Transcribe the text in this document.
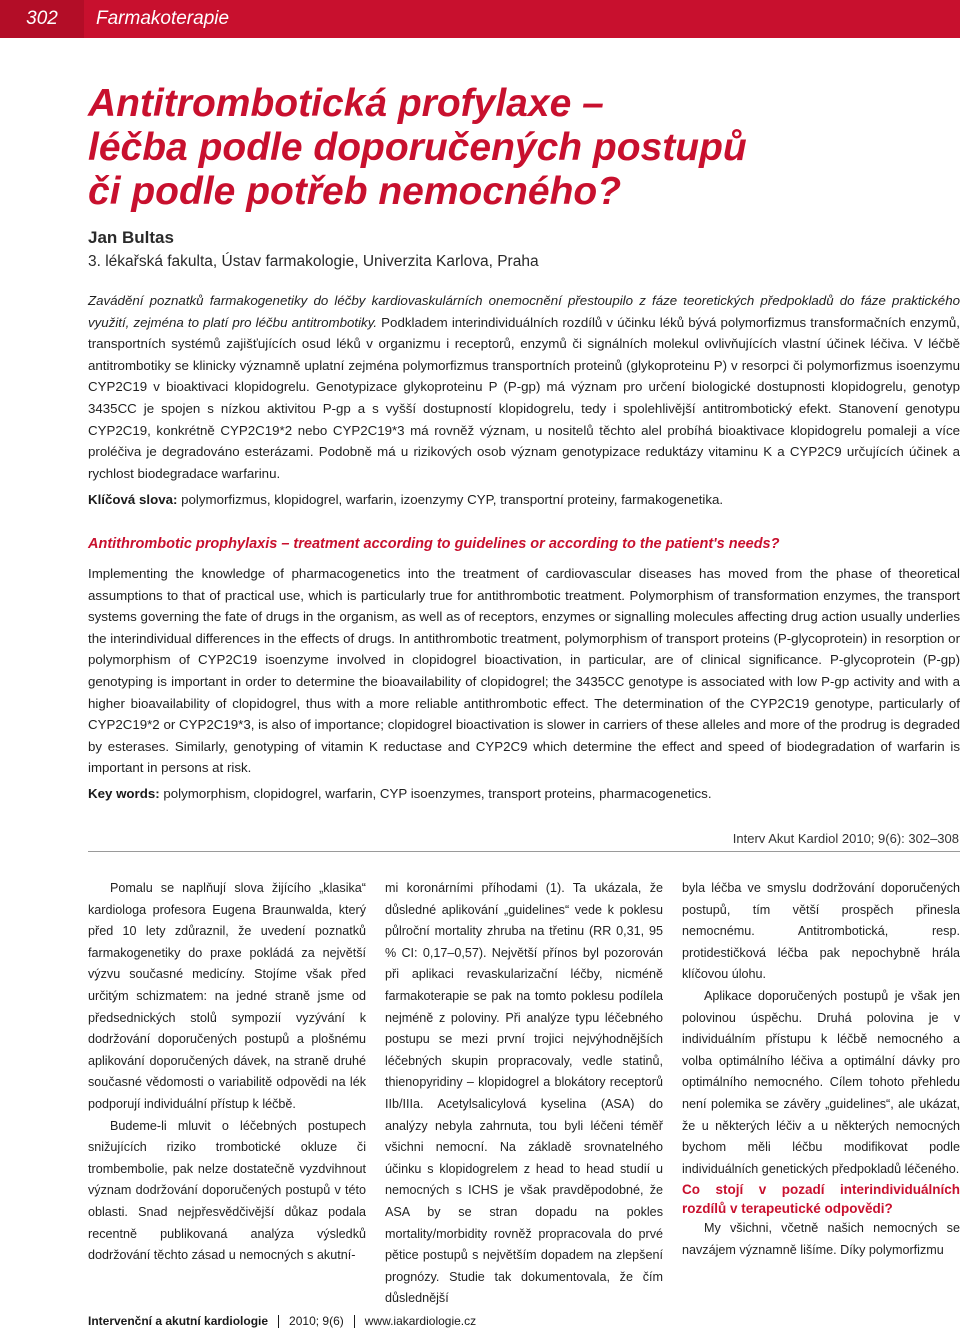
302	Farmakoterapie
Antitrombotická profylaxe –
léčba podle doporučených postupů
či podle potřeb nemocného?
Jan Bultas
3. lékařská fakulta, Ústav farmakologie, Univerzita Karlova, Praha

Zavádění poznatků farmakogenetiky do léčby kardiovaskulárních onemocnění přestoupilo z fáze teoretických předpokladů do fáze praktického využití, zejména to platí pro léčbu antitrombotiky. Podkladem interindividuálních rozdílů v účinku léků bývá polymorfizmus transformačních enzymů, transportních systémů zajišťujících osud léků v organizmu i receptorů, enzymů či signálních molekul ovlivňujících vlastní účinek léčiva. V léčbě antitrombotiky se klinicky významně uplatní zejména polymorfizmus transportních proteinů (glykoproteinu P) v resorpci či polymorfizmus isoenzymu CYP2C19 v bioaktivaci klopidogrelu. Genotypizace glykoproteinu P (P-gp) má význam pro určení biologické dostupnosti klopidogrelu, genotyp 3435CC je spojen s nízkou aktivitou P-gp a s vyšší dostupností klopidogrelu, tedy i spolehlivější antitrombotický efekt. Stanovení genotypu CYP2C19, konkrétně CYP2C19*2 nebo CYP2C19*3 má rovněž význam, u nositelů těchto alel probíhá bioaktivace klopidogrelu pomaleji a více proléčiva je degradováno esterázami. Podobně má u rizikových osob význam genotypizace reduktázy vitaminu K a CYP2C9 určujících účinek a rychlost biodegradace warfarinu.

Klíčová slova: polymorfizmus, klopidogrel, warfarin, izoenzymy CYP, transportní proteiny, farmakogenetika.
Antithrombotic prophylaxis – treatment according to guidelines or according to the patient's needs?

Implementing the knowledge of pharmacogenetics into the treatment of cardiovascular diseases has moved from the phase of theoretical assumptions to that of practical use, which is particularly true for antithrombotic treatment. Polymorphism of transformation enzymes, the transport systems governing the fate of drugs in the organism, as well as of receptors, enzymes or signalling molecules affecting drug action usually underlies the interindividual differences in the effects of drugs. In antithrombotic treatment, polymorphism of transport proteins (P-glycoprotein) in resorption or polymorphism of CYP2C19 isoenzyme involved in clopidogrel bioactivation, in particular, are of clinical significance. P-glycoprotein (P-gp) genotyping is important in order to determine the bioavailability of clopidogrel; the 3435CC genotype is associated with low P-gp activity and with a higher bioavailability of clopidogrel, thus with a more reliable antithrombotic effect. The determination of the CYP2C19 genotype, particularly of CYP2C19*2 or CYP2C19*3, is also of importance; clopidogrel bioactivation is slower in carriers of these alleles and more of the prodrug is degraded by esterases. Similarly, genotyping of vitamin K reductase and CYP2C9 which determine the effect and speed of biodegradation of warfarin is important in persons at risk.

Key words: polymorphism, clopidogrel, warfarin, CYP isoenzymes, transport proteins, pharmacogenetics.
Interv Akut Kardiol 2010; 9(6): 302–308

Pomalu se naplňují slova žijícího „klasika“ kardiologa profesora Eugena Braunwalda, který před 10 lety zdůraznil, že uvedení poznatků farmakogenetiky do praxe pokládá za největší výzvu současné medicíny. Stojíme však před určitým schizmatem: na jedné straně jsme od předsednických stolů sympozií vyzývání k dodržování doporučených postupů a plošnému aplikování doporučených dávek, na straně druhé současné vědomosti o variabilitě odpovědi na lék podporují individuální přístup k léčbě.

Budeme-li mluvit o léčebných postupech snižujících riziko trombotické okluze či trombembolie, pak nelze dostatečně vyzdvihnout význam dodržování doporučených postupů v této oblasti. Snad nejpřesvědčivější důkaz podala recentně publikovaná analýza výsledků dodržování těchto zásad u nemocných s akutní-

mi koronárními příhodami (1). Ta ukázala, že důsledné aplikování „guidelines“ vede k poklesu půlroční mortality zhruba na třetinu (RR 0,31, 95 % CI: 0,17–0,57). Největší přínos byl pozorován při aplikaci revaskularizační léčby, nicméně farmakoterapie se pak na tomto poklesu podílela nejméně z poloviny. Při analýze typu léčebného postupu se mezi první trojici nejvýhodnějších léčebných skupin propracovaly, vedle statinů, thienopyridiny – klopidogrel a blokátory receptorů IIb/IIIa. Acetylsalicylová kyselina (ASA) do analýzy nebyla zahrnuta, tou byli léčeni téměř všichni nemocní. Na základě srovnatelného účinku s klopidogrelem z head to head studií u nemocných s ICHS je však pravděpodobné, že ASA by se stran dopadu na pokles mortality/morbidity rovněž propracovala do prvé pětice postupů s největším dopadem na zlepšení prognózy. Studie tak dokumentovala, že čím důslednější

byla léčba ve smyslu dodržování doporučených postupů, tím větší prospěch přinesla nemocnému. Antitrombotická, resp. protidestičková léčba pak nepochybně hrála klíčovou úlohu.

Aplikace doporučených postupů je však jen polovinou úspěchu. Druhá polovina je v individuálním přístupu k léčbě nemocného a volba optimálního léčiva a optimální dávky pro optimálního nemocného. Cílem tohoto přehledu není polemika se závěry „guidelines“, ale ukázat, že u některých léčiv a u některých nemocných bychom měli léčbu modifikovat podle individuálních genetických předpokladů léčeného.

Co stojí v pozadí interindividuálních rozdílů v terapeutické odpovědi?

My všichni, včetně našich nemocných se navzájem významně lišíme. Díky polymorfizmu

Intervenční a akutní kardiologie 2010; 9(6) www.iakardiologie.cz
